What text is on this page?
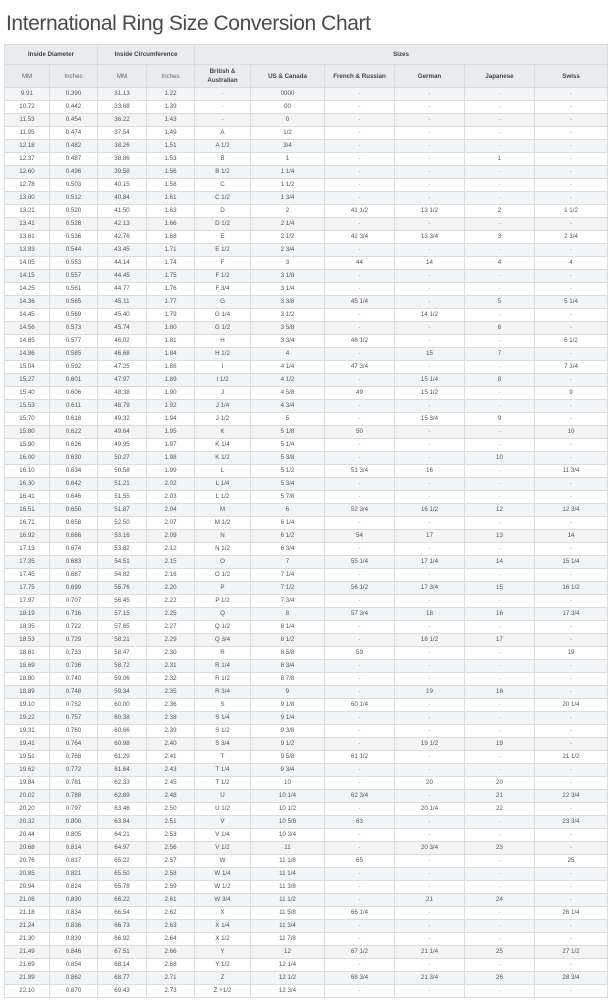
International Ring Size Conversion Chart
Inside Diameter		Inside Circumference		Sizes					
MM	Inches	MM	Inches	British & Australian	US & Canada	French & Russian	German	Japanese	Swiss
9.91	0.390	31.13	1.22	-	0000	-	-	-	-
10.72	0.442	33.68	1.39	-	00	-	-	-	-
11.53	0.454	36.22	1.43	-	0	-	-	-	-
11.95	0.474	37.54	1.49	A	1/2	-	-	-	-
12.18	0.482	38.26	1.51	A 1/2	3/4	-	-	-	-
12.37	0.487	38.86	1.53	B	1	-	-	1	-
12.60	0.496	39.58	1.56	B 1/2	1 1/4	-	-	-	-
12.78	0.503	40.15	1.58	C	1 1/2	-	-	-	-
13.00	0.512	40.84	1.61	C 1/2	1 3/4	-	-	-	-
13.21	0.520	41.50	1.63	D	2	41 1/2	13 1/2	2	1 1/2
13.41	0.528	42.13	1.66	D 1/2	2 1/4	-	-	-	-
13.61	0.536	42.76	1.68	E	2 1/2	42 3/4	13 3/4	3	2 3/4
13.83	0.544	43.45	1.71	E 1/2	2 3/4	-	-	-	-
14.05	0.553	44.14	1.74	F	3	44	14	4	4
14.15	0.557	44.45	1.75	F 1/2	3 1/8	-	-	-	-
14.25	0.561	44.77	1.76	F 3/4	3 1/4	-	-	-	-
14.36	0.565	45.11	1.77	G	3 3/8	45 1/4	-	5	5 1/4
14.45	0.569	45.40	1.79	G 1/4	3 1/2	-	14 1/2	-	-
14.56	0.573	45.74	1.80	G 1/2	3 5/8	-	-	6	-
14.65	0.577	46.02	1.81	H	3 3/4	46 1/2	-	-	6 1/2
14.86	0.585	46.68	1.84	H 1/2	4	-	15	7	-
15.04	0.592	47.25	1.86	I	4 1/4	47 3/4	-	-	7 3/4
15.27	0.601	47.97	1.89	I 1/2	4 1/2	-	15 1/4	8	-
15.40	0.606	48.38	1.90	J	4 5/8	49	15 1/2	-	9
15.53	0.611	48.79	1.92	J 1/4	4 3/4	-	-	-	-
15.70	0.618	49.32	1.94	J 1/2	5	-	15 3/4	9	-
15.80	0.622	49.64	1.95	K	5 1/8	50	-	-	10
15.90	0.626	49.95	1.97	K 1/4	5 1/4	-	-	-	-
16.00	0.630	50.27	1.98	K 1/2	5 3/8	-	-	10	-
16.10	0.634	50.58	1.99	L	5 1/2	51 3/4	16	-	11 3/4
16.30	0.642	51.21	2.02	L 1/4	5 3/4	-	-	-	-
16.41	0.646	51.55	2.03	L 1/2	5 7/8	-	-	-	-
16.51	0.650	51.87	2.04	M	6	52 3/4	16 1/2	12	12 3/4
16.71	0.658	52.50	2.07	M 1/2	6 1/4	-	-	-	-
16.92	0.666	53.16	2.09	N	6 1/2	54	17	13	14
17.13	0.674	53.82	2.12	N 1/2	6 3/4	-	-	-	-
17.35	0.683	54.51	2.15	O	7	55 1/4	17 1/4	14	15 1/4
17.45	0.687	54.82	2.16	O 1/2	7 1/4	-	-	-	-
17.75	0.699	55.76	2.20	P	7 1/2	56 1/2	17 3/4	15	16 1/2
17.97	0.707	56.45	2.22	P 1/2	7 3/4	-	-	-	-
18.19	0.716	57.15	2.25	Q	8	57 3/4	18	16	17 3/4
18.35	0.722	57.65	2.27	Q 1/2	8 1/4	-	-	-	-
18.53	0.729	58.21	2.29	Q 3/4	8 1/2	-	18 1/2	17	-
18.61	0.733	58.47	2.30	R	8 5/8	59	-	-	19
18.69	0.736	58.72	2.31	R 1/4	8 3/4	-	-	-	-
18.80	0.740	59.06	2.32	R 1/2	8 7/8	-	-	-	-
18.89	0.748	59.34	2.35	R 3/4	9	-	19	18	-
19.10	0.752	60.00	2.36	S	9 1/8	60 1/4	-	-	20 1/4
19.22	0.757	60.38	2.38	S 1/4	9 1/4	-	-	-	-
19.31	0.760	60.66	2.39	S 1/2	9 3/8	-	-	-	-
19.41	0.764	60.98	2.40	S 3/4	9 1/2	-	19 1/2	19	-
19.51	0.768	61.29	2.41	T	9 5/8	61 1/2	-	-	21 1/2
19.62	0.772	61.64	2.43	T 1/4	9 3/4	-	-	-	-
19.84	0.781	62.33	2.45	T 1/2	10	-	20	20	-
20.02	0.788	62.89	2.48	U	10 1/4	62 3/4	-	21	22 3/4
20.20	0.797	63.46	2.50	U 1/2	10 1/2	-	20 1/4	22	-
20.32	0.800	63.84	2.51	V	10 5/8	63	-	-	23 3/4
20.44	0.805	64.21	2.53	V 1/4	10 3/4	-	-	-	-
20.68	0.814	64.97	2.56	V 1/2	11	-	20 3/4	23	-
20.76	0.817	65.22	2.57	W	11 1/8	65	-	-	25
20.85	0.821	65.50	2.58	W 1/4	11 1/4	-	-	-	-
20.94	0.824	65.78	2.59	W 1/2	11 3/8	-	-	-	-
21.08	0.830	66.22	2.61	W 3/4	11 1/2	-	21	24	-
21.18	0.834	66.54	2.62	X	11 5/8	66 1/4	-	-	26 1/4
21.24	0.836	66.73	2.63	X 1/4	11 3/4	-	-	-	-
21.30	0.839	66.92	2.64	X 1/2	11 7/8	-	-	-	-
21.49	0.846	67.51	2.66	Y	12	67 1/2	21 1/4	25	27 1/2
21.69	0.854	68.14	2.68	Y 1/2	12 1/4	-	-	-	-
21.89	0.862	68.77	2.71	Z	12 1/2	68 3/4	21 3/4	26	28 3/4
22.10	0.870	69.43	2.73	Z +1/2	12 3/4	-	-	-	-
